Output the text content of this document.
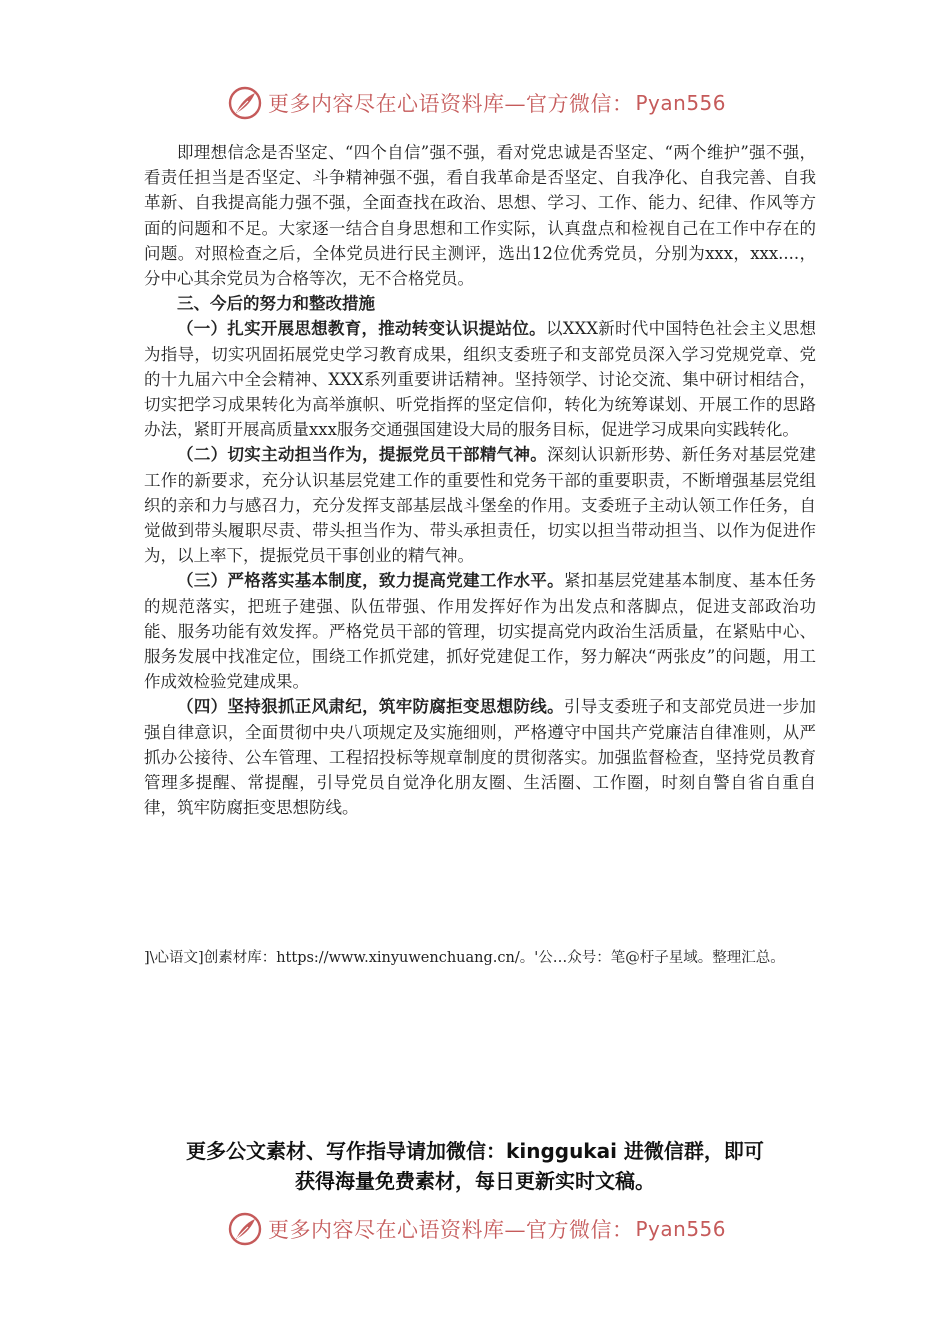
更多内容尽在心语资料库—官方微信： Pyan556

即理想信念是否坚定、“四个自信”强不强，看对党忠诚是否坚定、“两个维护”强不强，看责任担当是否坚定、斗争精神强不强，看自我革命是否坚定、自我净化、自我完善、自我革新、自我提高能力强不强，全面查找在政治、思想、学习、工作、能力、纪律、作风等方面的问题和不足。大家逐一结合自身思想和工作实际，认真盘点和检视自己在工作中存在的问题。对照检查之后，全体党员进行民主测评，选出12位优秀党员，分别为xxx，xxx....，分中心其余党员为合格等次，无不合格党员。

三、今后的努力和整改措施

（一）扎实开展思想教育，推动转变认识提站位。以XXX新时代中国特色社会主义思想为指导，切实巩固拓展党史学习教育成果，组织支委班子和支部党员深入学习党规党章、党的十九届六中全会精神、XXX系列重要讲话精神。坚持领学、讨论交流、集中研讨相结合，切实把学习成果转化为高举旗帜、听党指挥的坚定信仰，转化为统筹谋划、开展工作的思路办法，紧盯开展高质量xxx服务交通强国建设大局的服务目标，促进学习成果向实践转化。

（二）切实主动担当作为，提振党员干部精气神。深刻认识新形势、新任务对基层党建工作的新要求，充分认识基层党建工作的重要性和党务干部的重要职责，不断增强基层党组织的亲和力与感召力，充分发挥支部基层战斗堡垒的作用。支委班子主动认领工作任务，自觉做到带头履职尽责、带头担当作为、带头承担责任，切实以担当带动担当、以作为促进作为，以上率下，提振党员干事创业的精气神。

（三）严格落实基本制度，致力提高党建工作水平。紧扣基层党建基本制度、基本任务的规范落实，把班子建强、队伍带强、作用发挥好作为出发点和落脚点，促进支部政治功能、服务功能有效发挥。严格党员干部的管理，切实提高党内政治生活质量，在紧贴中心、服务发展中找准定位，围绕工作抓党建，抓好党建促工作，努力解决“两张皮”的问题，用工作成效检验党建成果。

（四）坚持狠抓正风肃纪，筑牢防腐拒变思想防线。引导支委班子和支部党员进一步加强自律意识，全面贯彻中央八项规定及实施细则，严格遵守中国共产党廉洁自律准则，从严抓办公接待、公车管理、工程招投标等规章制度的贯彻落实。加强监督检查，坚持党员教育管理多提醒、常提醒，引导党员自觉净化朋友圈、生活圈、工作圈，时刻自警自省自重自律，筑牢防腐拒变思想防线。

]\心语文]创素材库：https://www.xinyuwenchuang.cn/。'公…众号：笔@杅子星域。整理汇总。
更多公文素材、写作指导请加微信：kinggukai 进微信群，即可
获得海量免费素材，每日更新实时文稿。
更多内容尽在心语资料库—官方微信： Pyan556
